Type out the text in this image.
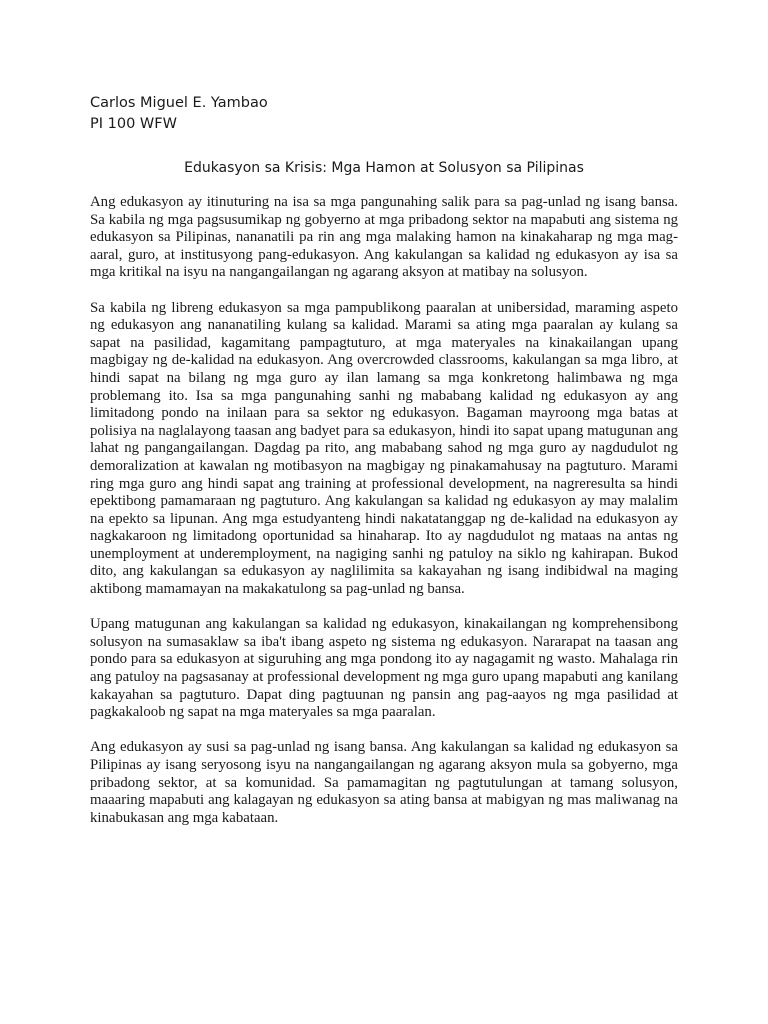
Carlos Miguel E. Yambao
PI 100 WFW
Edukasyon sa Krisis: Mga Hamon at Solusyon sa Pilipinas

Ang edukasyon ay itinuturing na isa sa mga pangunahing salik para sa pag-unlad ng isang bansa. Sa kabila ng mga pagsusumikap ng gobyerno at mga pribadong sektor na mapabuti ang sistema ng edukasyon sa Pilipinas, nananatili pa rin ang mga malaking hamon na kinakaharap ng mga mag-aaral, guro, at institusyong pang-edukasyon. Ang kakulangan sa kalidad ng edukasyon ay isa sa mga kritikal na isyu na nangangailangan ng agarang aksyon at matibay na solusyon.

Sa kabila ng libreng edukasyon sa mga pampublikong paaralan at unibersidad, maraming aspeto ng edukasyon ang nananatiling kulang sa kalidad. Marami sa ating mga paaralan ay kulang sa sapat na pasilidad, kagamitang pampagtuturo, at mga materyales na kinakailangan upang magbigay ng de-kalidad na edukasyon. Ang overcrowded classrooms, kakulangan sa mga libro, at hindi sapat na bilang ng mga guro ay ilan lamang sa mga konkretong halimbawa ng mga problemang ito. Isa sa mga pangunahing sanhi ng mababang kalidad ng edukasyon ay ang limitadong pondo na inilaan para sa sektor ng edukasyon. Bagaman mayroong mga batas at polisiya na naglalayong taasan ang badyet para sa edukasyon, hindi ito sapat upang matugunan ang lahat ng pangangailangan. Dagdag pa rito, ang mababang sahod ng mga guro ay nagdudulot ng demoralization at kawalan ng motibasyon na magbigay ng pinakamahusay na pagtuturo. Marami ring mga guro ang hindi sapat ang training at professional development, na nagreresulta sa hindi epektibong pamamaraan ng pagtuturo. Ang kakulangan sa kalidad ng edukasyon ay may malalim na epekto sa lipunan. Ang mga estudyanteng hindi nakatatanggap ng de-kalidad na edukasyon ay nagkakaroon ng limitadong oportunidad sa hinaharap. Ito ay nagdudulot ng mataas na antas ng unemployment at underemployment, na nagiging sanhi ng patuloy na siklo ng kahirapan. Bukod dito, ang kakulangan sa edukasyon ay naglilimita sa kakayahan ng isang indibidwal na maging aktibong mamamayan na makakatulong sa pag-unlad ng bansa.

Upang matugunan ang kakulangan sa kalidad ng edukasyon, kinakailangan ng komprehensibong solusyon na sumasaklaw sa iba't ibang aspeto ng sistema ng edukasyon. Nararapat na taasan ang pondo para sa edukasyon at siguruhing ang mga pondong ito ay nagagamit ng wasto. Mahalaga rin ang patuloy na pagsasanay at professional development ng mga guro upang mapabuti ang kanilang kakayahan sa pagtuturo. Dapat ding pagtuunan ng pansin ang pag-aayos ng mga pasilidad at pagkakaloob ng sapat na mga materyales sa mga paaralan.

Ang edukasyon ay susi sa pag-unlad ng isang bansa. Ang kakulangan sa kalidad ng edukasyon sa Pilipinas ay isang seryosong isyu na nangangailangan ng agarang aksyon mula sa gobyerno, mga pribadong sektor, at sa komunidad. Sa pamamagitan ng pagtutulungan at tamang solusyon, maaaring mapabuti ang kalagayan ng edukasyon sa ating bansa at mabigyan ng mas maliwanag na kinabukasan ang mga kabataan.
